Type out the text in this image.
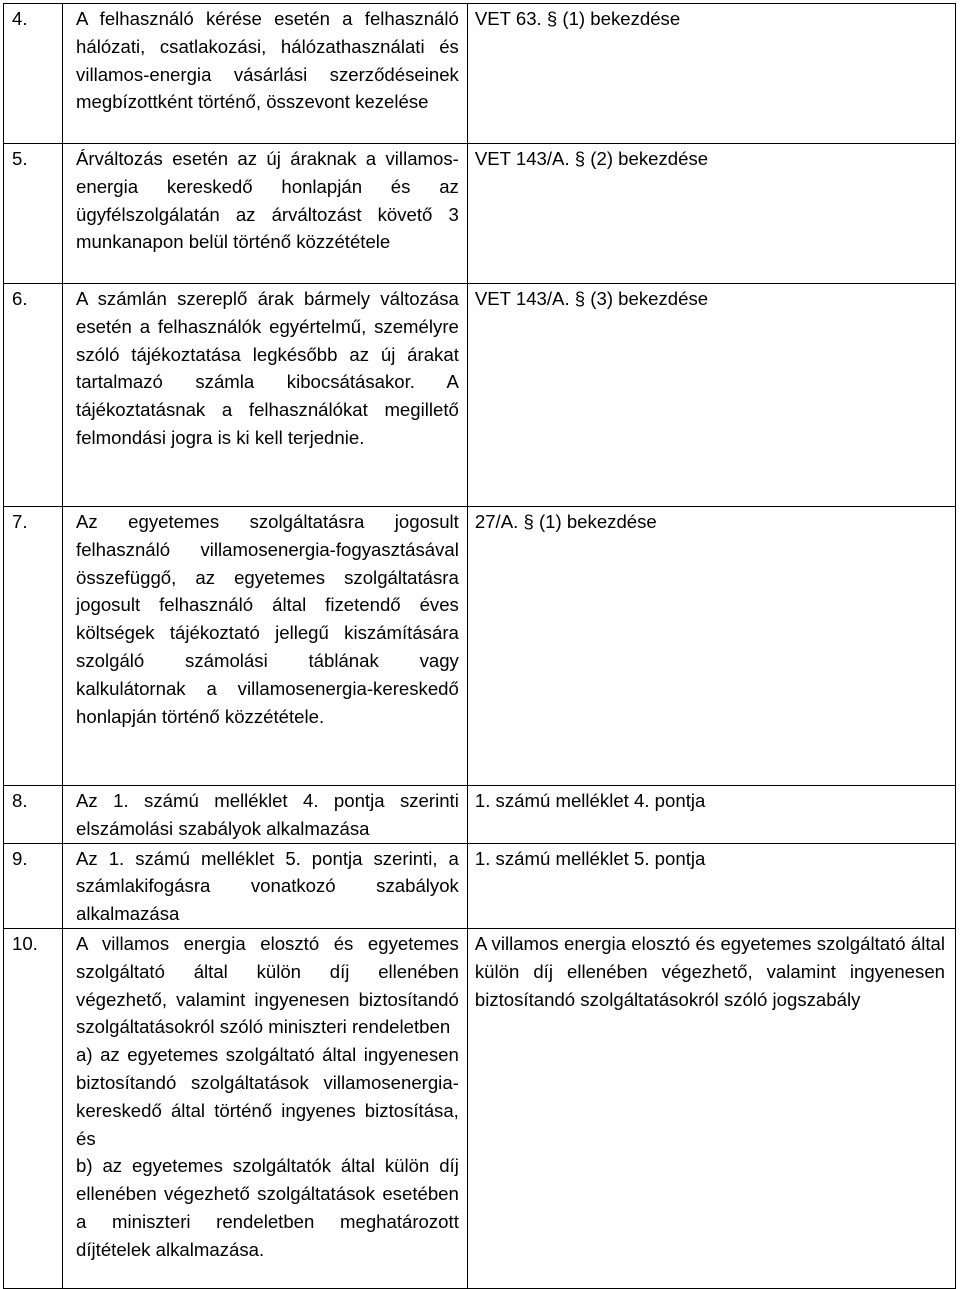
4.	A felhasználó kérése esetén a felhasználó hálózati, csatlakozási, hálózathasználati és villamos-energia vásárlási szerződéseinek megbízottként történő, összevont kezelése	VET 63. § (1) bekezdése
5.	Árváltozás esetén az új áraknak a villamos-energia kereskedő honlapján és az ügyfélszolgálatán az árváltozást követő 3 munkanapon belül történő közzététele	VET 143/A. § (2) bekezdése
6.	A számlán szereplő árak bármely változása esetén a felhasználók egyértelmű, személyre szóló tájékoztatása legkésőbb az új árakat tartalmazó számla kibocsátásakor. A tájékoztatásnak a felhasználókat megillető felmondási jogra is ki kell terjednie.	VET 143/A. § (3) bekezdése
7.	Az egyetemes szolgáltatásra jogosult felhasználó villamosenergia-fogyasztásával összefüggő, az egyetemes szolgáltatásra jogosult felhasználó által fizetendő éves költségek tájékoztató jellegű kiszámítására szolgáló számolási táblának vagy kalkulátornak a villamosenergia-kereskedő honlapján történő közzététele.	27/A. § (1) bekezdése
8.	Az 1. számú melléklet 4. pontja szerinti elszámolási szabályok alkalmazása	1. számú melléklet 4. pontja
9.	Az 1. számú melléklet 5. pontja szerinti, a számlakifogásra vonatkozó szabályok alkalmazása	1. számú melléklet 5. pontja
10.	A villamos energia elosztó és egyetemes szolgáltató által külön díj ellenében végezhető, valamint ingyenesen biztosítandó szolgáltatásokról szóló miniszteri rendeletben
a) az egyetemes szolgáltató által ingyenesen biztosítandó szolgáltatások villamosenergia-kereskedő által történő ingyenes biztosítása, és
b) az egyetemes szolgáltatók által külön díj ellenében végezhető szolgáltatások esetében a miniszteri rendeletben meghatározott díjtételek alkalmazása.	A villamos energia elosztó és egyetemes szolgáltató által külön díj ellenében végezhető, valamint ingyenesen biztosítandó szolgáltatásokról szóló jogszabály
